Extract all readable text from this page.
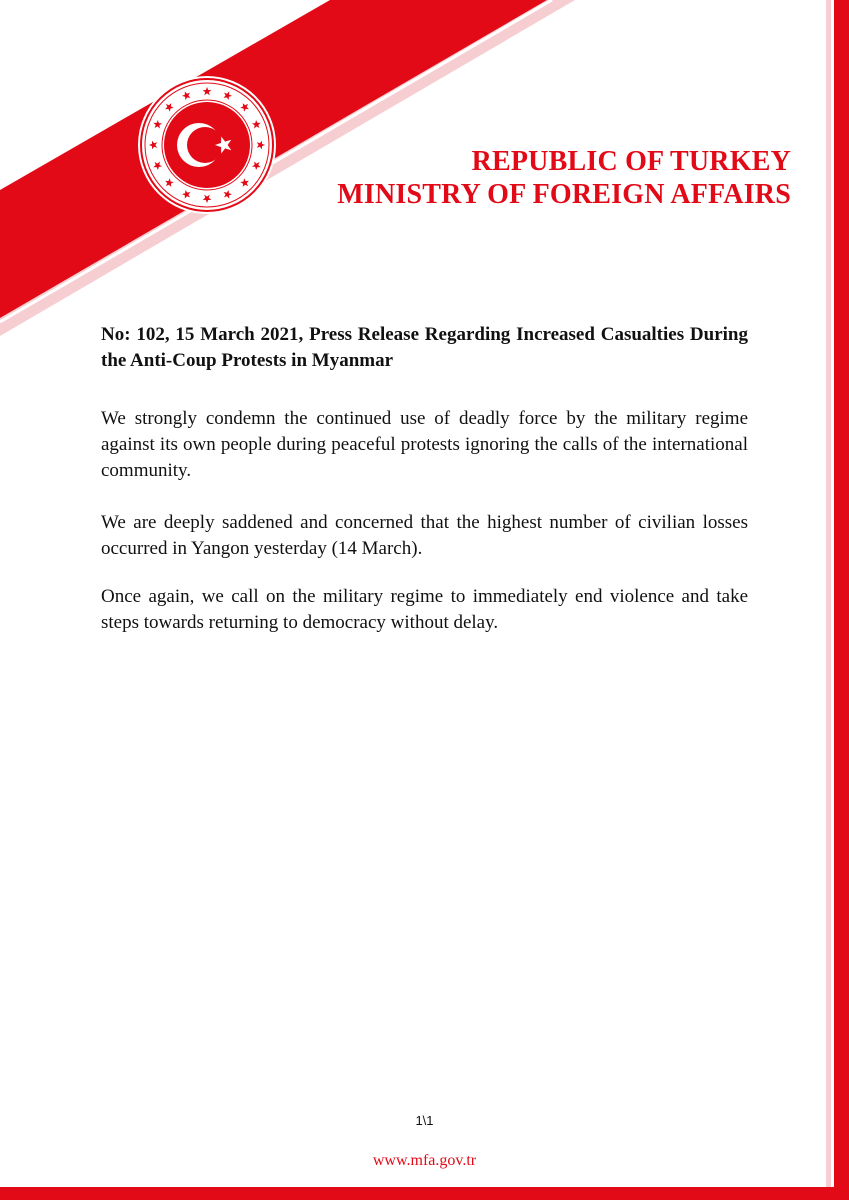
REPUBLIC OF TURKEY
MINISTRY OF FOREIGN AFFAIRS
No: 102, 15 March 2021, Press Release Regarding Increased Casualties During the Anti-Coup Protests in Myanmar
We strongly condemn the continued use of deadly force by the military regime against its own people during peaceful protests ignoring the calls of the international community.
We are deeply saddened and concerned that the highest number of civilian losses occurred in Yangon yesterday (14 March).
Once again, we call on the military regime to immediately end violence and take steps towards returning to democracy without delay.
1\1
www.mfa.gov.tr
